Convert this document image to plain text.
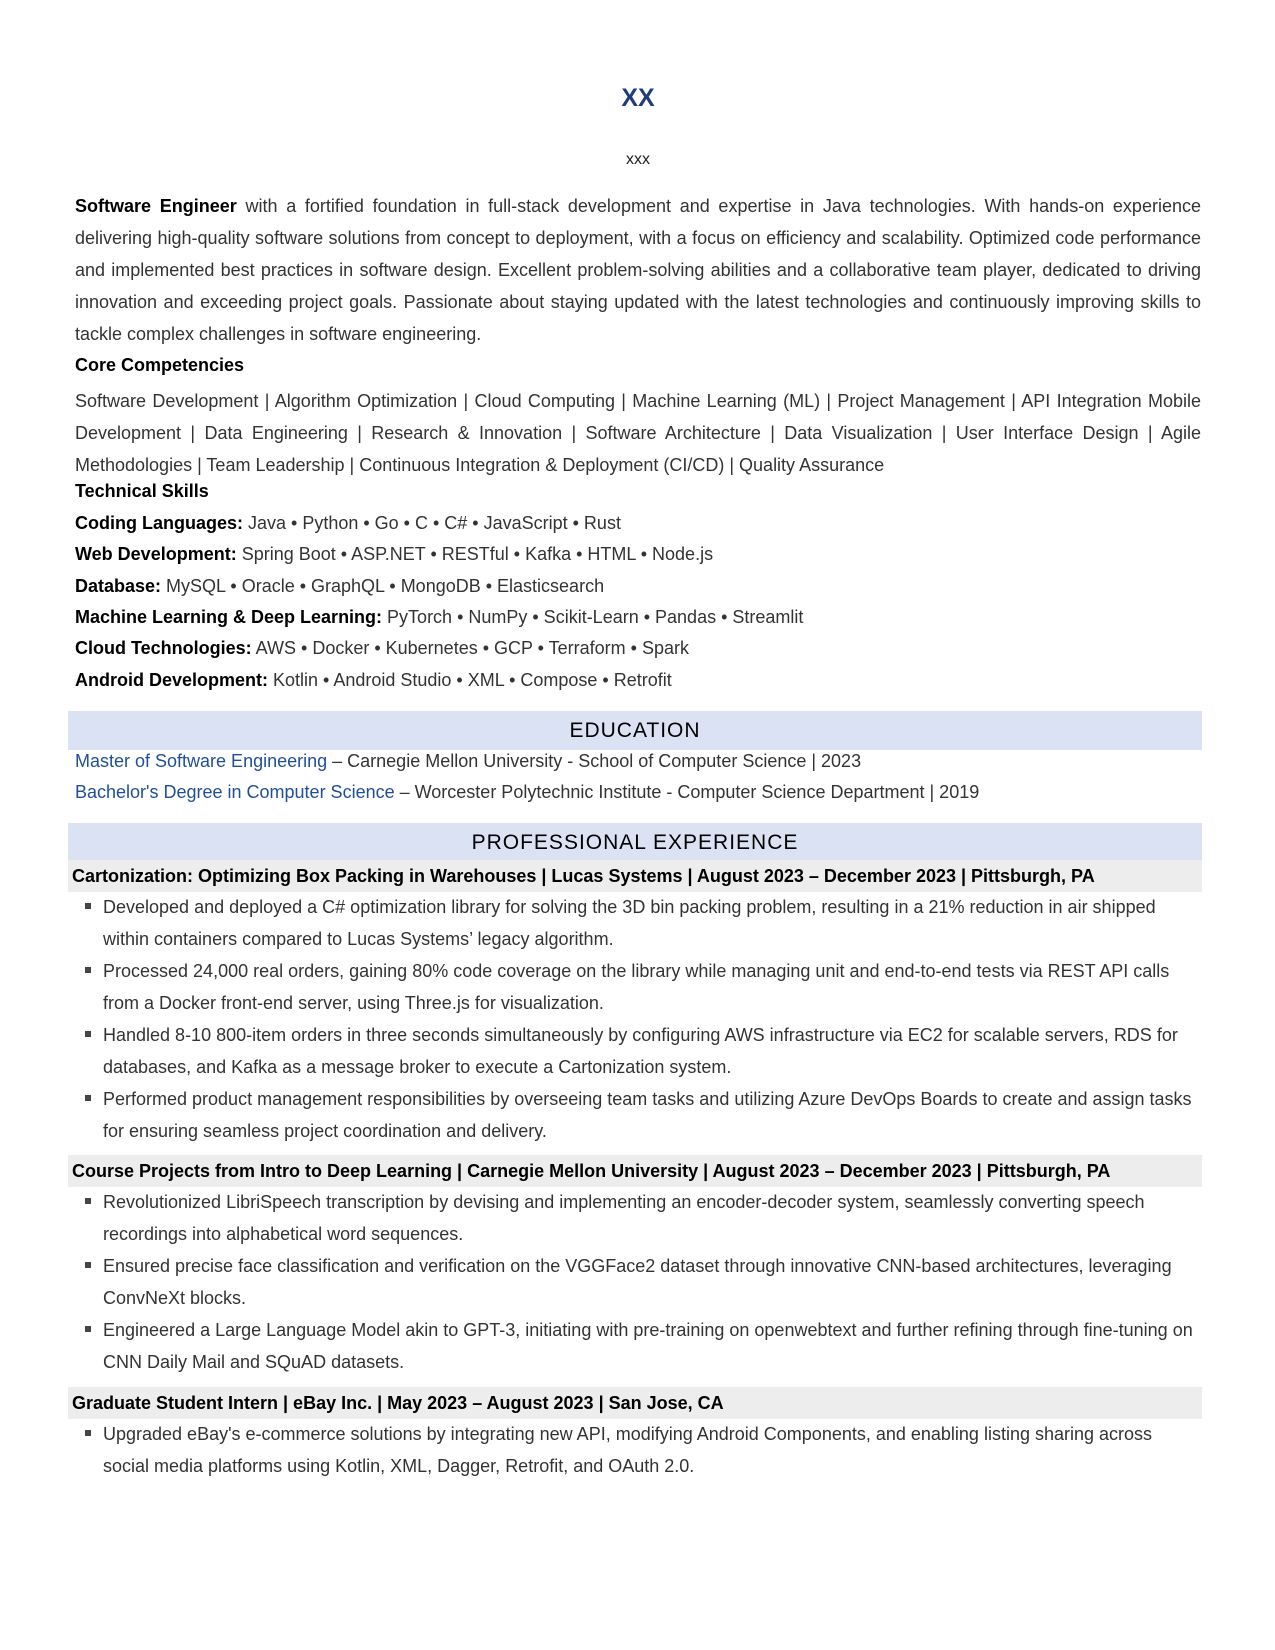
XX
xxx
Software Engineer with a fortified foundation in full-stack development and expertise in Java technologies. With hands-on experience delivering high-quality software solutions from concept to deployment, with a focus on efficiency and scalability. Optimized code performance and implemented best practices in software design. Excellent problem-solving abilities and a collaborative team player, dedicated to driving innovation and exceeding project goals. Passionate about staying updated with the latest technologies and continuously improving skills to tackle complex challenges in software engineering.
Core Competencies
Software Development | Algorithm Optimization | Cloud Computing | Machine Learning (ML) | Project Management | API Integration Mobile Development | Data Engineering | Research & Innovation | Software Architecture | Data Visualization | User Interface Design | Agile Methodologies | Team Leadership | Continuous Integration & Deployment (CI/CD) | Quality Assurance
Technical Skills
Coding Languages: Java • Python • Go • C • C# • JavaScript • Rust
Web Development: Spring Boot • ASP.NET • RESTful • Kafka • HTML • Node.js
Database: MySQL • Oracle • GraphQL • MongoDB • Elasticsearch
Machine Learning & Deep Learning: PyTorch • NumPy • Scikit-Learn • Pandas • Streamlit
Cloud Technologies: AWS • Docker • Kubernetes • GCP • Terraform • Spark
Android Development: Kotlin • Android Studio • XML • Compose • Retrofit
EDUCATION
Master of Software Engineering – Carnegie Mellon University - School of Computer Science | 2023
Bachelor's Degree in Computer Science – Worcester Polytechnic Institute - Computer Science Department | 2019
PROFESSIONAL EXPERIENCE
Cartonization: Optimizing Box Packing in Warehouses | Lucas Systems | August 2023 – December 2023 | Pittsburgh, PA
Developed and deployed a C# optimization library for solving the 3D bin packing problem, resulting in a 21% reduction in air shipped within containers compared to Lucas Systems’ legacy algorithm.
Processed 24,000 real orders, gaining 80% code coverage on the library while managing unit and end-to-end tests via REST API calls from a Docker front-end server, using Three.js for visualization.
Handled 8-10 800-item orders in three seconds simultaneously by configuring AWS infrastructure via EC2 for scalable servers, RDS for databases, and Kafka as a message broker to execute a Cartonization system.
Performed product management responsibilities by overseeing team tasks and utilizing Azure DevOps Boards to create and assign tasks for ensuring seamless project coordination and delivery.
Course Projects from Intro to Deep Learning | Carnegie Mellon University | August 2023 – December 2023 | Pittsburgh, PA
Revolutionized LibriSpeech transcription by devising and implementing an encoder-decoder system, seamlessly converting speech recordings into alphabetical word sequences.
Ensured precise face classification and verification on the VGGFace2 dataset through innovative CNN-based architectures, leveraging ConvNeXt blocks.
Engineered a Large Language Model akin to GPT-3, initiating with pre-training on openwebtext and further refining through fine-tuning on CNN Daily Mail and SQuAD datasets.
Graduate Student Intern | eBay Inc. | May 2023 – August 2023 | San Jose, CA
Upgraded eBay's e-commerce solutions by integrating new API, modifying Android Components, and enabling listing sharing across social media platforms using Kotlin, XML, Dagger, Retrofit, and OAuth 2.0.
